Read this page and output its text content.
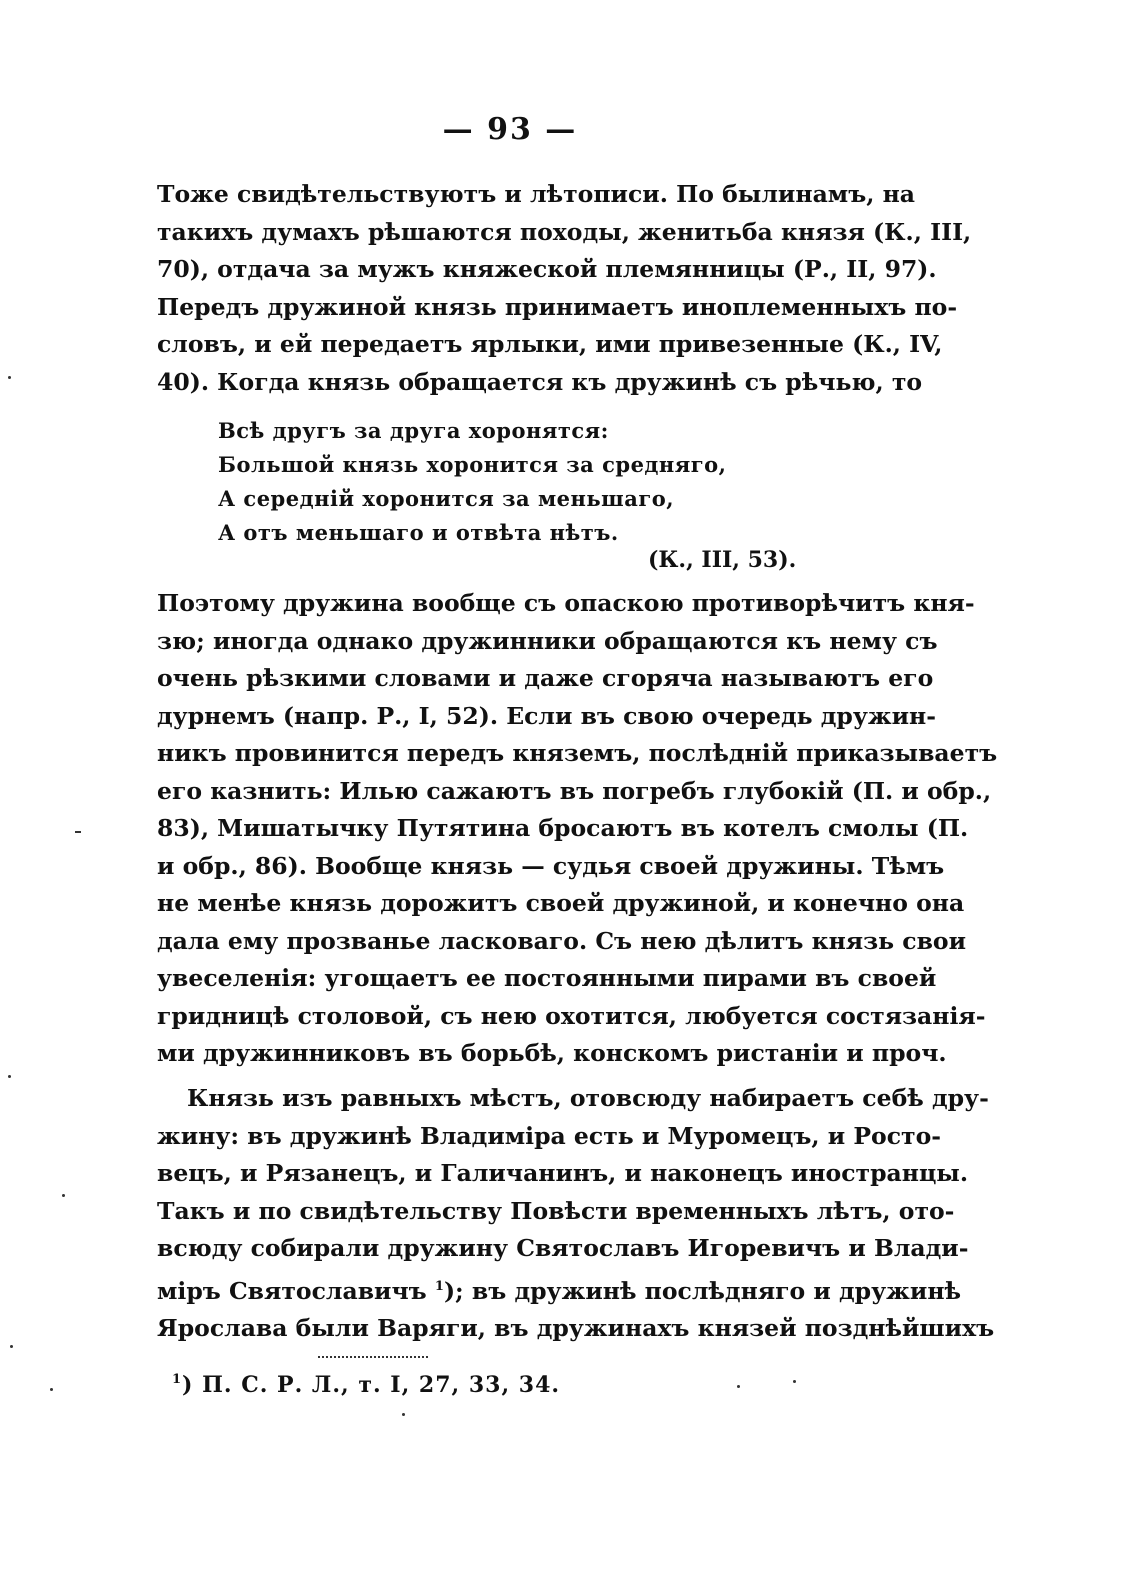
— 93 —
Тоже свидѣтельствуютъ и лѣтописи. По былинамъ, на
такихъ думахъ рѣшаются походы, женитьба князя (К., III,
70), отдача за мужъ княжеской племянницы (Р., II, 97).
Передъ дружиной князь принимаетъ иноплеменныхъ по-
словъ, и ей передаетъ ярлыки, ими привезенные (К., IV,
40). Когда князь обращается къ дружинѣ съ рѣчью, то
Всѣ другъ за друга хоронятся:
Большой князь хоронится за средняго,
А середній хоронится за меньшаго,
А отъ меньшаго и отвѣта нѣтъ.
(К., III, 53).
Поэтому дружина вообще съ опаскою противорѣчитъ кня-
зю; иногда однако дружинники обращаются къ нему съ
очень рѣзкими словами и даже сгоряча называютъ его
дурнемъ (напр. Р., I, 52). Если въ свою очередь дружин-
никъ провинится передъ княземъ, послѣдній приказываетъ
его казнить: Илью сажаютъ въ погребъ глубокій (П. и обр.,
83), Мишатычку Путятина бросаютъ въ котелъ смолы (П.
и обр., 86). Вообще князь — судья своей дружины. Тѣмъ
не менѣе князь дорожитъ своей дружиной, и конечно она
дала ему прозванье ласковаго. Съ нею дѣлитъ князь свои
увеселенія: угощаетъ ее постоянными пирами въ своей
гридницѣ столовой, съ нею охотится, любуется состязанія-
ми дружинниковъ въ борьбѣ, конскомъ ристаніи и проч.
Князь изъ равныхъ мѣстъ, отовсюду набираетъ себѣ дру-
жину: въ дружинѣ Владиміра есть и Муромецъ, и Росто-
вецъ, и Рязанецъ, и Галичанинъ, и наконецъ иностранцы.
Такъ и по свидѣтельству Повѣсти временныхъ лѣтъ, ото-
всюду собирали дружину Святославъ Игоревичъ и Влади-
міръ Святославичъ $^1$); въ дружинѣ послѣдняго и дружинѣ
Ярослава были Варяги, въ дружинахъ князей позднѣйшихъ
$^1$) П. С. Р. Л., т. I, 27, 33, 34.
